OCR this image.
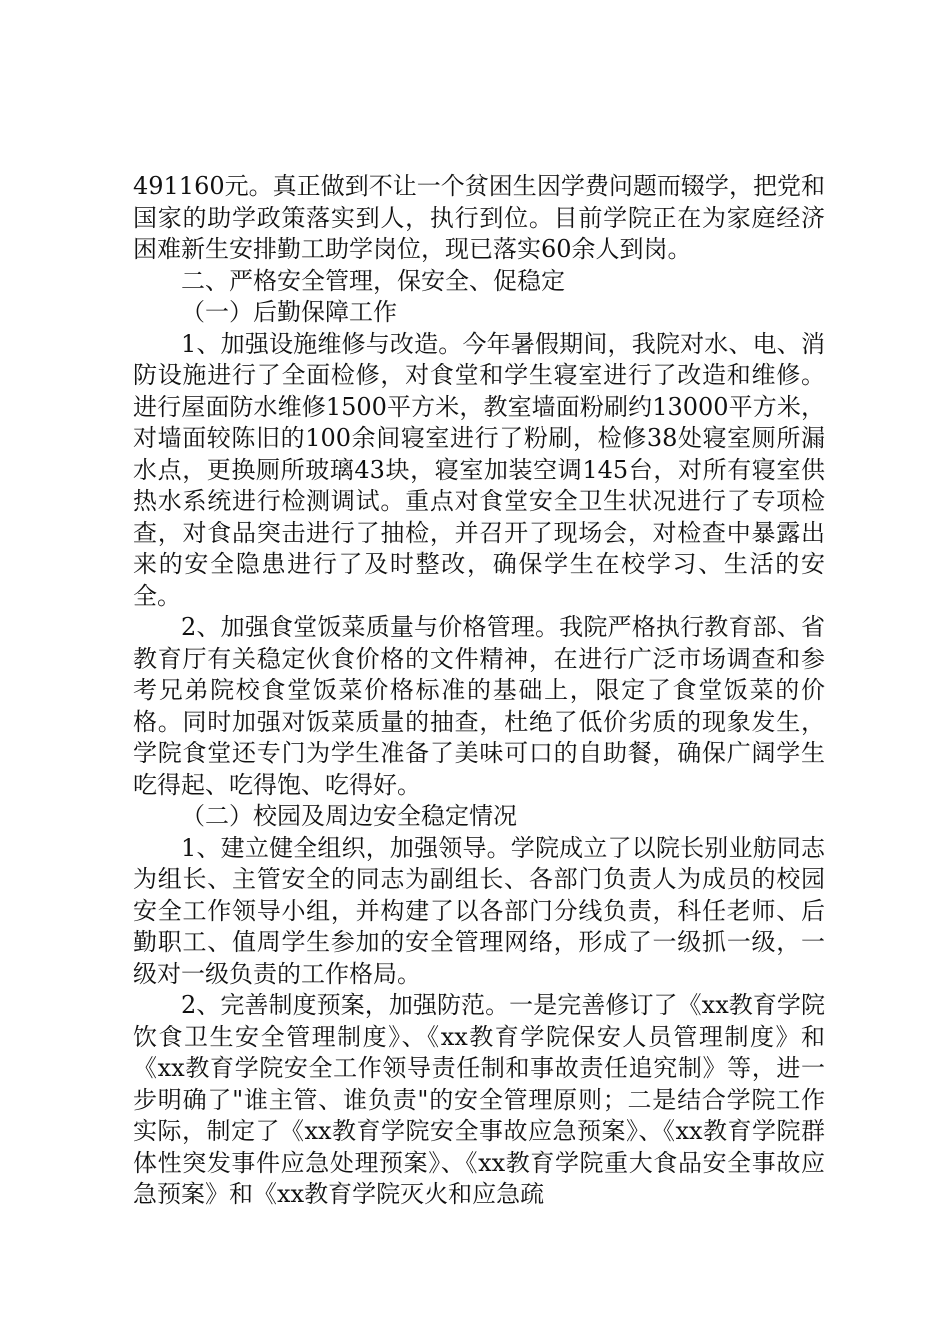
491160元。真正做到不让一个贫困生因学费问题而辍学，把党和国家的助学政策落实到人，执行到位。目前学院正在为家庭经济困难新生安排勤工助学岗位，现已落实60余人到岗。

二、严格安全管理，保安全、促稳定

（一）后勤保障工作

1、加强设施维修与改造。今年暑假期间，我院对水、电、消防设施进行了全面检修，对食堂和学生寝室进行了改造和维修。进行屋面防水维修1500平方米，教室墙面粉刷约13000平方米，对墙面较陈旧的100余间寝室进行了粉刷，检修38处寝室厕所漏水点，更换厕所玻璃43块，寝室加装空调145台，对所有寝室供热水系统进行检测调试。重点对食堂安全卫生状况进行了专项检查，对食品突击进行了抽检，并召开了现场会，对检查中暴露出来的安全隐患进行了及时整改，确保学生在校学习、生活的安全。

2、加强食堂饭菜质量与价格管理。我院严格执行教育部、省教育厅有关稳定伙食价格的文件精神，在进行广泛市场调查和参考兄弟院校食堂饭菜价格标准的基础上，限定了食堂饭菜的价格。同时加强对饭菜质量的抽查，杜绝了低价劣质的现象发生，学院食堂还专门为学生准备了美味可口的自助餐，确保广阔学生吃得起、吃得饱、吃得好。

（二）校园及周边安全稳定情况

1、建立健全组织，加强领导。学院成立了以院长别业舫同志为组长、主管安全的同志为副组长、各部门负责人为成员的校园安全工作领导小组，并构建了以各部门分线负责，科任老师、后勤职工、值周学生参加的安全管理网络，形成了一级抓一级，一级对一级负责的工作格局。

2、完善制度预案，加强防范。一是完善修订了《xx教育学院饮食卫生安全管理制度》、《xx教育学院保安人员管理制度》和《xx教育学院安全工作领导责任制和事故责任追究制》等，进一步明确了"谁主管、谁负责"的安全管理原则；二是结合学院工作实际，制定了《xx教育学院安全事故应急预案》、《xx教育学院群体性突发事件应急处理预案》、《xx教育学院重大食品安全事故应急预案》和《xx教育学院灭火和应急疏
